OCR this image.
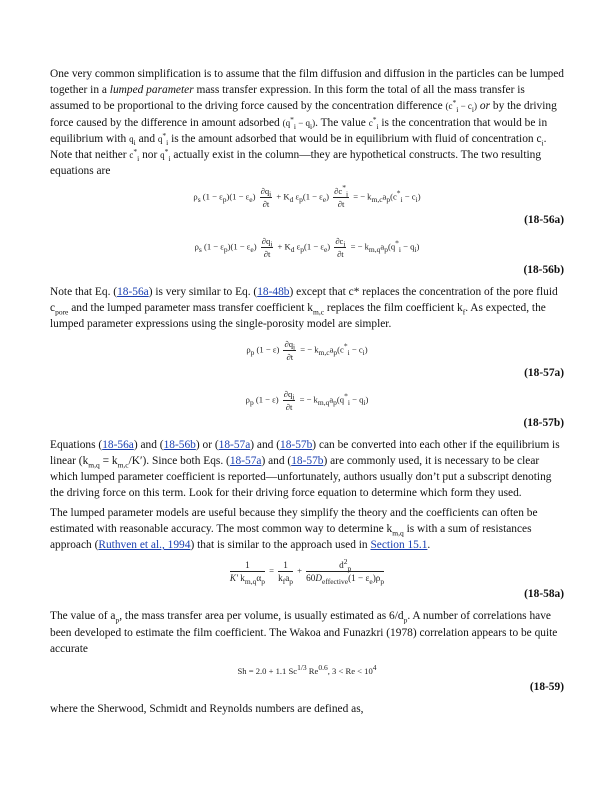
One very common simplification is to assume that the film diffusion and diffusion in the particles can be lumped together in a lumped parameter mass transfer expression. In this form the total of all the mass transfer is assumed to be proportional to the driving force caused by the concentration difference $(c^*_i - c_i)$ or by the driving force caused by the difference in amount adsorbed $(q^*_i - q_i)$. The value $c^*_i$ is the concentration that would be in equilibrium with $q_i$ and $q^*_i$ is the amount adsorbed that would be in equilibrium with fluid of concentration $c_i$. Note that neither $c^*_i$ nor $q^*_i$ actually exist in the column—they are hypothetical constructs. The two resulting equations are

$\rho_s$ $(1 - \varepsilon_p)(1 - \varepsilon_e) \frac{\partial q_i}{\partial t} + K_d$ $\varepsilon_p(1 - \varepsilon_e) \frac{\partial c^*_i}{\partial t}$ = − $k_{m,c}a_p(c^*_i - c_i)$
(18-56a)
$\rho_s$ $(1 - \varepsilon_p)(1 - \varepsilon_e) \frac{\partial q_i}{\partial t} + K_d$ $\varepsilon_p(1 - \varepsilon_e) \frac{\partial c_i}{\partial t}$ = − $k_{m,q}a_p(q^*_i - q_i)$
(18-56b)

Note that Eq. (18-56a) is very similar to Eq. (18-48b) except that c* replaces the concentration of the pore fluid $c_{pore}$ and the lumped parameter mass transfer coefficient $k_{m,c}$ replaces the film coefficient $k_f$. As expected, the lumped parameter expressions using the single-porosity model are simpler.

$\rho_p$ $(1 - \varepsilon) \frac{\partial q_i}{\partial t}$ = − $k_{m,c}a_p(c^*_i - c_i)$
(18-57a)
$\rho_p$ $(1 - \varepsilon) \frac{\partial q_i}{\partial t}$ = − $k_{m,q}a_p(q^*_i - q_i)$
(18-57b)

Equations (18-56a) and (18-56b) or (18-57a) and (18-57b) can be converted into each other if the equilibrium is linear $(k_{m,q} = k_{m,c}/K')$. Since both Eqs. (18-57a) and (18-57b) are commonly used, it is necessary to be clear which lumped parameter coefficient is reported—unfortunately, authors usually don’t put a subscript denoting the driving force on this term. Look for their driving force equation to determine which form they used.

The lumped parameter models are useful because they simplify the theory and the coefficients can often be estimated with reasonable accuracy. The most common way to determine $k_{m,q}$ is with a sum of resistances approach (Ruthven et al., 1994) that is similar to the approach used in Section 15.1.

$\frac{1}{K' k_{m,q}\alpha_p} = \frac{1}{k_fa_p} + \frac{d^2_p}{60D_{effective}(1 - \varepsilon_e)\rho_p}$
(18-58a)

The value of $a_p$, the mass transfer area per volume, is usually estimated as $6/d_p$. A number of correlations have been developed to estimate the film coefficient. The Wakoa and Funazkri (1978) correlation appears to be quite accurate

Sh = 2.0 + 1.1 $Sc^{1/3}$ $Re^{0.6}$, $3 < Re < 10^4$
(18-59)

where the Sherwood, Schmidt and Reynolds numbers are defined as,
